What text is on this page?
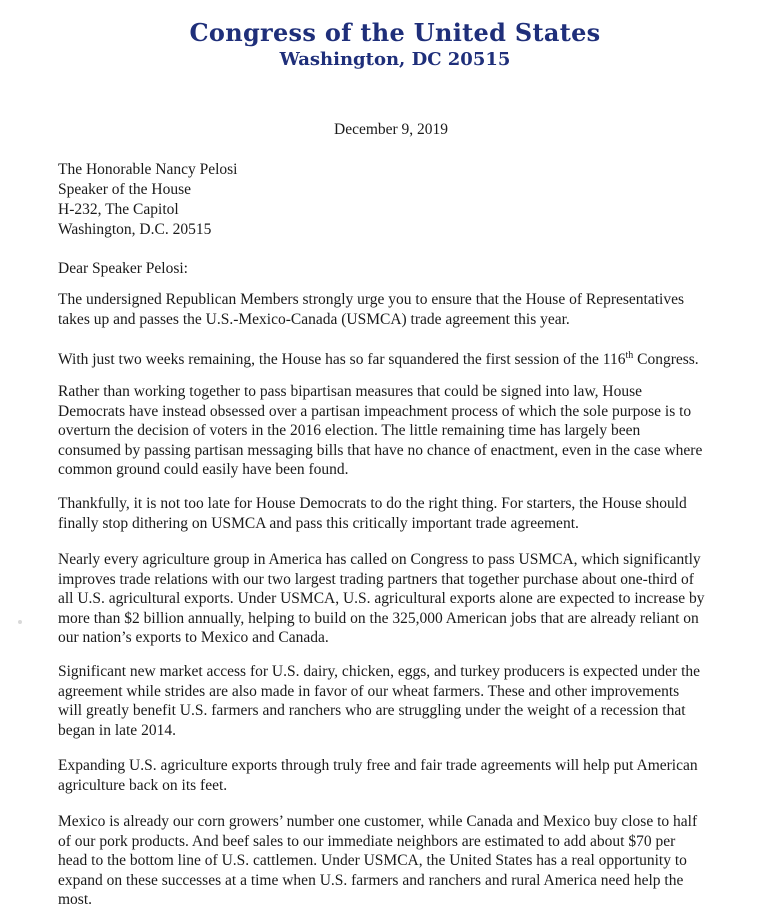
Congress of the United States
Washington, DC 20515
December 9, 2019
The Honorable Nancy Pelosi
Speaker of the House
H-232, The Capitol
Washington, D.C. 20515
Dear Speaker Pelosi:
The undersigned Republican Members strongly urge you to ensure that the House of Representatives
takes up and passes the U.S.-Mexico-Canada (USMCA) trade agreement this year.
With just two weeks remaining, the House has so far squandered the first session of the 116th Congress.
Rather than working together to pass bipartisan measures that could be signed into law, House
Democrats have instead obsessed over a partisan impeachment process of which the sole purpose is to
overturn the decision of voters in the 2016 election. The little remaining time has largely been
consumed by passing partisan messaging bills that have no chance of enactment, even in the case where
common ground could easily have been found.
Thankfully, it is not too late for House Democrats to do the right thing. For starters, the House should
finally stop dithering on USMCA and pass this critically important trade agreement.
Nearly every agriculture group in America has called on Congress to pass USMCA, which significantly
improves trade relations with our two largest trading partners that together purchase about one-third of
all U.S. agricultural exports. Under USMCA, U.S. agricultural exports alone are expected to increase by
more than $2 billion annually, helping to build on the 325,000 American jobs that are already reliant on
our nation’s exports to Mexico and Canada.
Significant new market access for U.S. dairy, chicken, eggs, and turkey producers is expected under the
agreement while strides are also made in favor of our wheat farmers. These and other improvements
will greatly benefit U.S. farmers and ranchers who are struggling under the weight of a recession that
began in late 2014.
Expanding U.S. agriculture exports through truly free and fair trade agreements will help put American
agriculture back on its feet.
Mexico is already our corn growers’ number one customer, while Canada and Mexico buy close to half
of our pork products. And beef sales to our immediate neighbors are estimated to add about $70 per
head to the bottom line of U.S. cattlemen. Under USMCA, the United States has a real opportunity to
expand on these successes at a time when U.S. farmers and ranchers and rural America need help the
most.
